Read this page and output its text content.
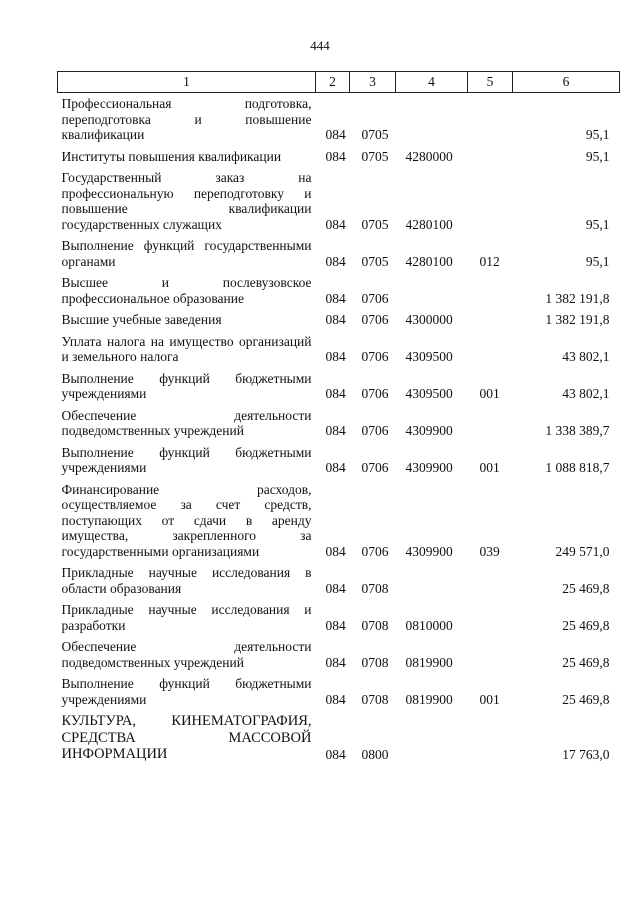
444
1	2	3	4	5	6
Профессиональная подготовка, переподготовка и повышение квалификации	084	0705			95,1
Институты повышения квалификации	084	0705	4280000		95,1
Государственный заказ на профессиональную переподготовку и повышение квалификации государственных служащих	084	0705	4280100		95,1
Выполнение функций государственными органами	084	0705	4280100	012	95,1
Высшее и послевузовское профессиональное образование	084	0706			1 382 191,8
Высшие учебные заведения	084	0706	4300000		1 382 191,8
Уплата налога на имущество организаций и земельного налога	084	0706	4309500		43 802,1
Выполнение функций бюджетными учреждениями	084	0706	4309500	001	43 802,1
Обеспечение деятельности подведомственных учреждений	084	0706	4309900		1 338 389,7
Выполнение функций бюджетными учреждениями	084	0706	4309900	001	1 088 818,7
Финансирование расходов, осуществляемое за счет средств, поступающих от сдачи в аренду имущества, закрепленного за государственными организациями	084	0706	4309900	039	249 571,0
Прикладные научные исследования в области образования	084	0708			25 469,8
Прикладные научные исследования и разработки	084	0708	0810000		25 469,8
Обеспечение деятельности подведомственных учреждений	084	0708	0819900		25 469,8
Выполнение функций бюджетными учреждениями	084	0708	0819900	001	25 469,8
КУЛЬТУРА, КИНЕМАТОГРАФИЯ, СРЕДСТВА МАССОВОЙ ИНФОРМАЦИИ	084	0800			17 763,0
